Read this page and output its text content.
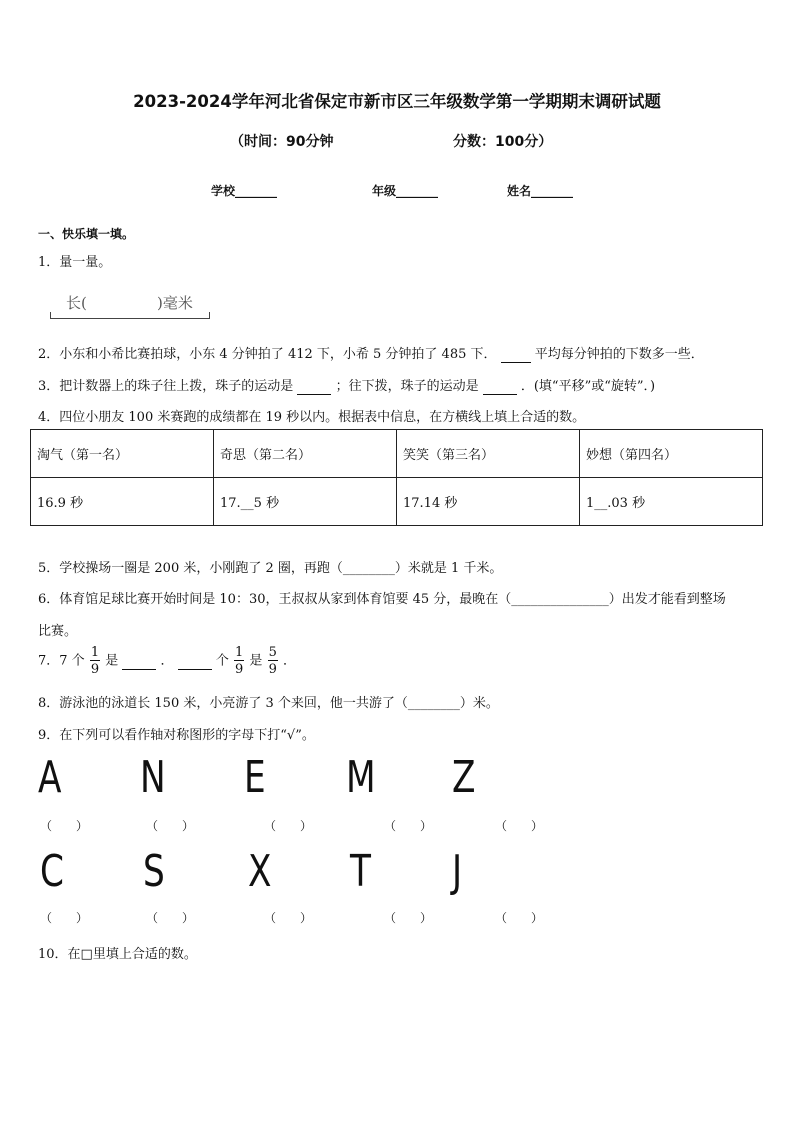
2023-2024学年河北省保定市新市区三年级数学第一学期期末调研试题
（时间：90分钟	分数：100分）
学校_______	年级_______	姓名_______
一、快乐填一填。
1．量一量。
长(	)毫米
2．小东和小希比赛拍球，小东 4 分钟拍了 412 下，小希 5 分钟拍了 485 下．	平均每分钟拍的下数多一些．
3．把计数器上的珠子往上拨，珠子的运动是	；往下拨，珠子的运动是	．(填“平移”或“旋转”．)
4．四位小朋友 100 米赛跑的成绩都在 19 秒以内。根据表中信息，在方横线上填上合适的数。
淘气（第一名）	奇思（第二名）	笑笑（第三名）	妙想（第四名）
16.9 秒	17.__5 秒	17.14 秒	1__.03 秒
5．学校操场一圈是 200 米，小刚跑了 2 圈，再跑（________）米就是 1 千米。
6．体育馆足球比赛开始时间是 10：30，王叔叔从家到体育馆要 45 分，最晚在（_______________）出发才能看到整场
比赛。
7．7 个 $\frac{1}{9}$ 是	．	个 $\frac{1}{9}$ 是 $\frac{5}{9}$ ．
8．游泳池的泳道长 150 米，小亮游了 3 个来回，他一共游了（________）米。
9．在下列可以看作轴对称图形的字母下打“√”。
A N E M Z
（　　）	（　　）	（　　）	（　　）	（　　）
C S X T J
（　　）	（　　）	（　　）	（　　）	（　　）
10．在□里填上合适的数。
